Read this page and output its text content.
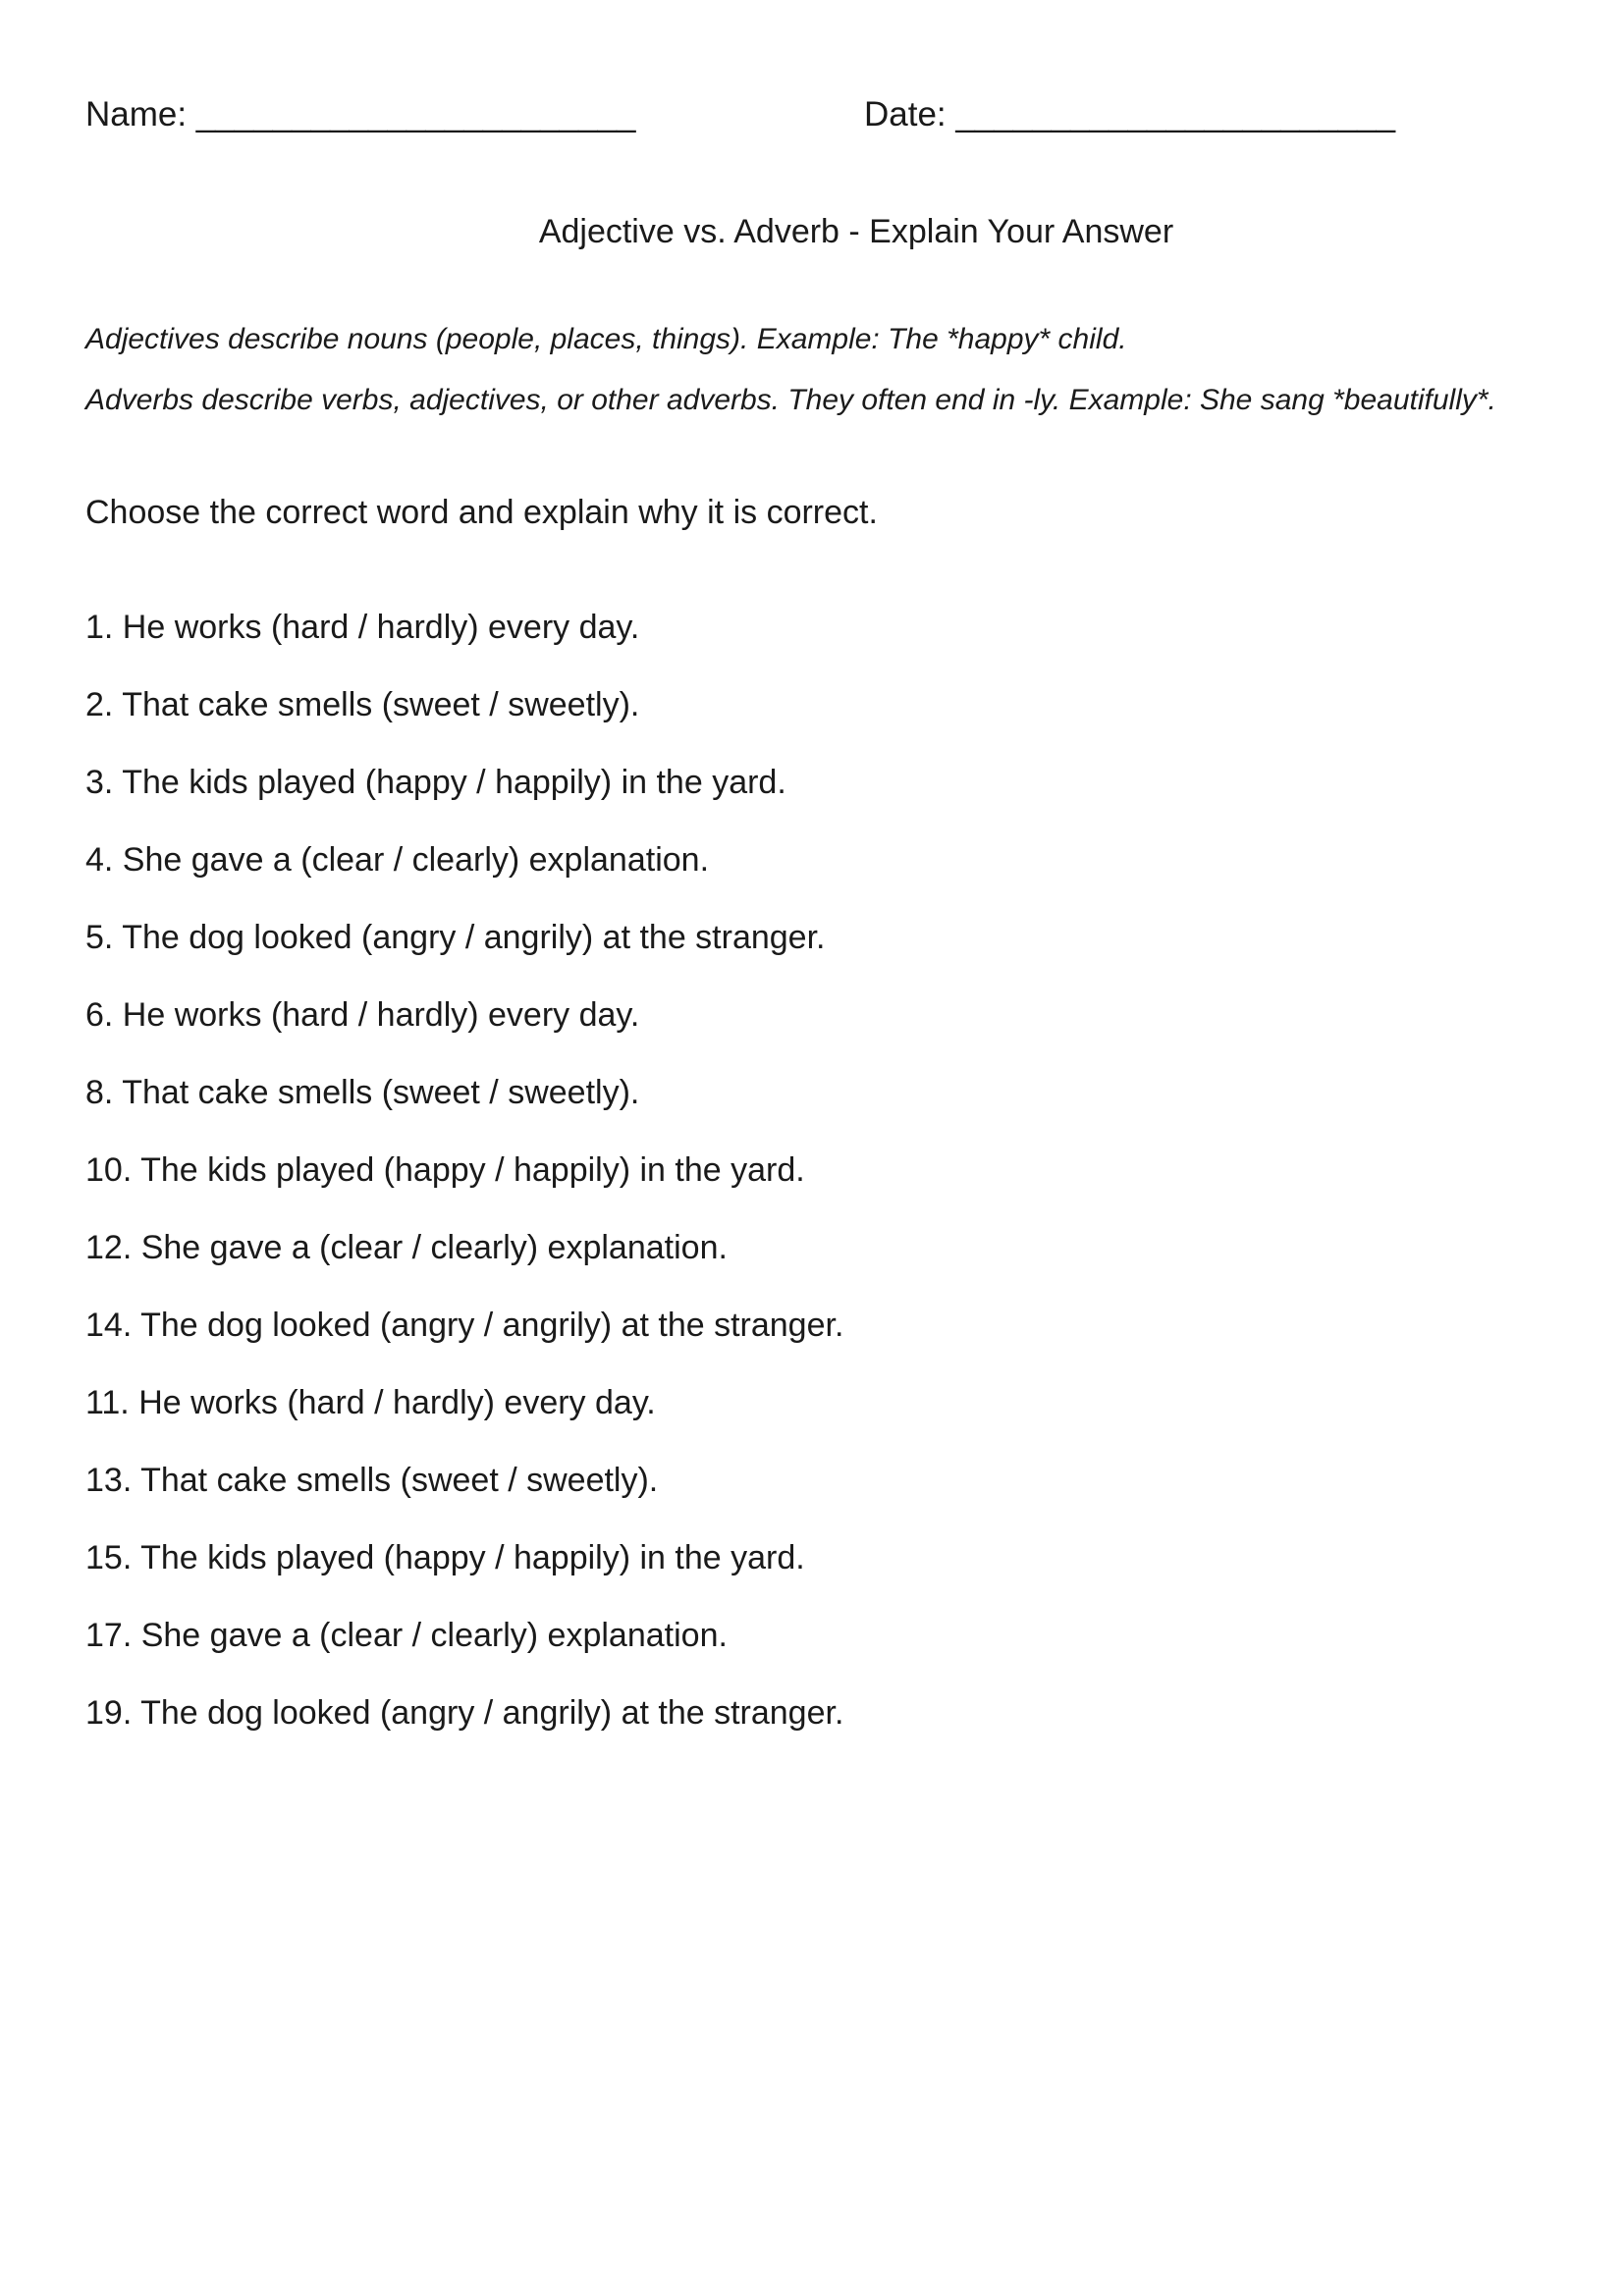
Name: _______________________	Date: _______________________
Adjective vs. Adverb - Explain Your Answer

Adjectives describe nouns (people, places, things). Example: The *happy* child.

Adverbs describe verbs, adjectives, or other adverbs. They often end in -ly. Example: She sang *beautifully*.

Choose the correct word and explain why it is correct.
1. He works (hard / hardly) every day.
2. That cake smells (sweet / sweetly).
3. The kids played (happy / happily) in the yard.
4. She gave a (clear / clearly) explanation.
5. The dog looked (angry / angrily) at the stranger.
6. He works (hard / hardly) every day.
8. That cake smells (sweet / sweetly).
10. The kids played (happy / happily) in the yard.
12. She gave a (clear / clearly) explanation.
14. The dog looked (angry / angrily) at the stranger.
11. He works (hard / hardly) every day.
13. That cake smells (sweet / sweetly).
15. The kids played (happy / happily) in the yard.
17. She gave a (clear / clearly) explanation.
19. The dog looked (angry / angrily) at the stranger.
